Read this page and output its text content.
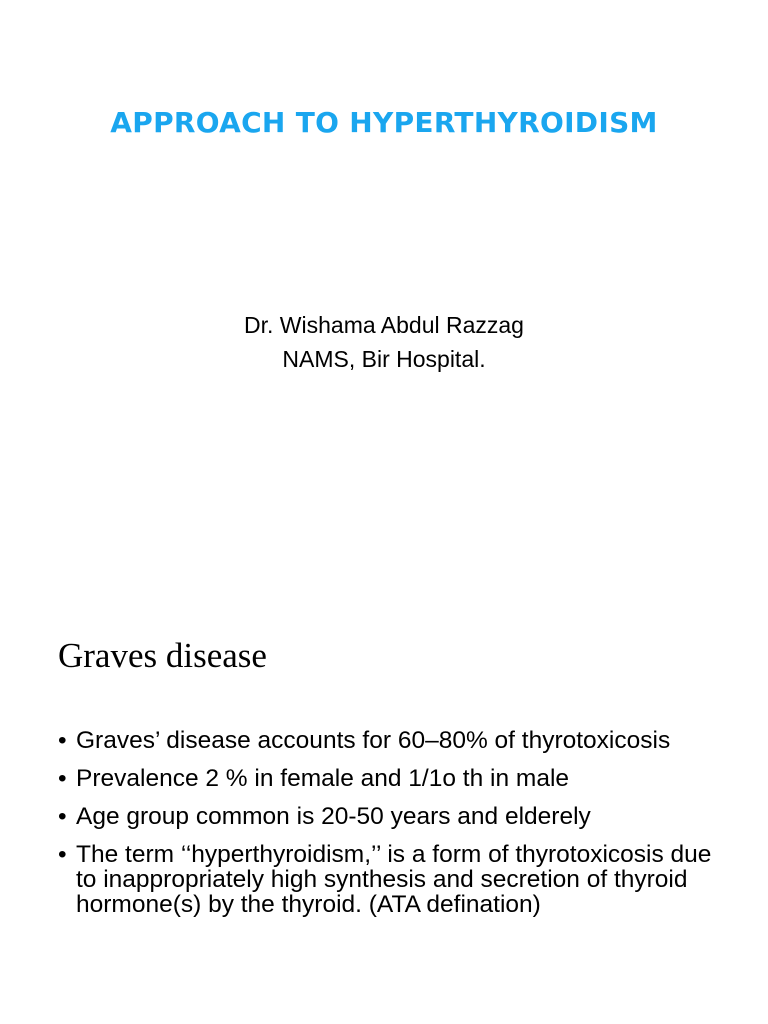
APPROACH TO HYPERTHYROIDISM
Dr. Wishama Abdul Razzag
NAMS, Bir Hospital.
Graves disease
• Graves’ disease accounts for 60–80% of thyrotoxicosis
• Prevalence 2 % in female and 1/1o th in male
• Age group common is 20-50 years and elderely
• The term ‘‘hyperthyroidism,’’ is a form of thyrotoxicosis due to inappropriately high synthesis and secretion of thyroid hormone(s) by the thyroid. (ATA defination)
